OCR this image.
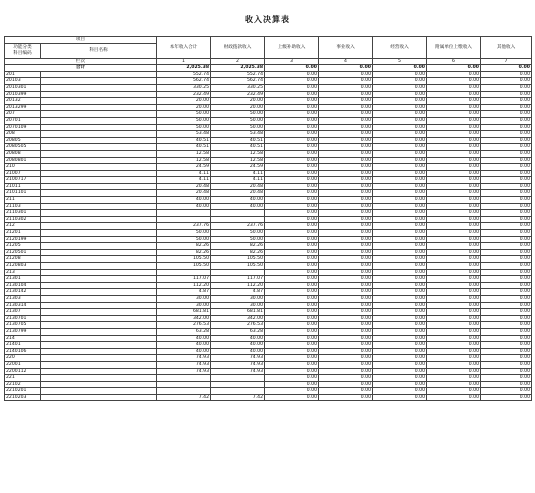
收入决算表
项目		本年收入合计	财政拨款收入	上级补助收入	事业收入	经营收入	附属单位上缴收入	其他收入

功能分类
科目编码	科目名称							
栏次		1	2	3	4	5	6	7
合计		2,025.38	2,025.38	0.00	0.00	0.00	0.00	0.00
201		552.74	552.74	0.00	0.00	0.00	0.00	0.00
20103		562.74	562.74	0.00	0.00	0.00	0.00	0.00
2010301		330.25	330.25	0.00	0.00	0.00	0.00	0.00
2010399		232.49	232.49	0.00	0.00	0.00	0.00	0.00
20132		20.00	20.00	0.00	0.00	0.00	0.00	0.00
2013299		20.00	20.00	0.00	0.00	0.00	0.00	0.00
207		50.00	50.00	0.00	0.00	0.00	0.00	0.00
20701		50.00	50.00	0.00	0.00	0.00	0.00	0.00
2070109		50.00	50.00	0.00	0.00	0.00	0.00	0.00
208		53.48	53.48	0.00	0.00	0.00	0.00	0.00
20805		40.51	40.51	0.00	0.00	0.00	0.00	0.00
2080505		40.51	40.51	0.00	0.00	0.00	0.00	0.00
20808		12.58	12.58	0.00	0.00	0.00	0.00	0.00
2080801		12.58	12.58	0.00	0.00	0.00	0.00	0.00
210		24.59	24.59	0.00	0.00	0.00	0.00	0.00
21007		4.11	4.11	0.00	0.00	0.00	0.00	0.00
2100717		4.11	4.11	0.00	0.00	0.00	0.00	0.00
21011		20.48	20.48	0.00	0.00	0.00	0.00	0.00
2101101		20.48	20.48	0.00	0.00	0.00	0.00	0.00
211		40.00	40.00	0.00	0.00	0.00	0.00	0.00
21103		40.00	40.00	0.00	0.00	0.00	0.00	0.00
2110301				0.00	0.00	0.00	0.00	0.00
2110302				0.00	0.00	0.00	0.00	0.00
212		237.76	237.76	0.00	0.00	0.00	0.00	0.00
21201		50.00	50.00	0.00	0.00	0.00	0.00	0.00
2120199		50.00	50.00	0.00	0.00	0.00	0.00	0.00
21205		82.26	82.26	0.00	0.00	0.00	0.00	0.00
2120501		82.26	82.26	0.00	0.00	0.00	0.00	0.00
21208		105.50	105.50	0.00	0.00	0.00	0.00	0.00
2120803		105.50	105.50	0.00	0.00	0.00	0.00	0.00
213				0.00	0.00	0.00	0.00	0.00
21301		117.07	117.07	0.00	0.00	0.00	0.00	0.00
2130104		112.20	112.20	0.00	0.00	0.00	0.00	0.00
2130142		4.87	4.87	0.00	0.00	0.00	0.00	0.00
21303		30.00	30.00	0.00	0.00	0.00	0.00	0.00
2130314		30.00	30.00	0.00	0.00	0.00	0.00	0.00
21307		681.81	681.81	0.00	0.00	0.00	0.00	0.00
2130701		342.00	342.00	0.00	0.00	0.00	0.00	0.00
2130705		276.53	276.53	0.00	0.00	0.00	0.00	0.00
2130799		63.28	63.28	0.00	0.00	0.00	0.00	0.00
214		40.00	40.00	0.00	0.00	0.00	0.00	0.00
21401		40.00	40.00	0.00	0.00	0.00	0.00	0.00
2140106		40.00	40.00	0.00	0.00	0.00	0.00	0.00
220		74.93	74.93	0.00	0.00	0.00	0.00	0.00
22001		74.93	74.93	0.00	0.00	0.00	0.00	0.00
2200112		74.93	74.93	0.00	0.00	0.00	0.00	0.00
221				0.00	0.00	0.00	0.00	0.00
22102				0.00	0.00	0.00	0.00	0.00
2210201				0.00	0.00	0.00	0.00	0.00
2210203		7.42	7.42	0.00	0.00	0.00	0.00	0.00
